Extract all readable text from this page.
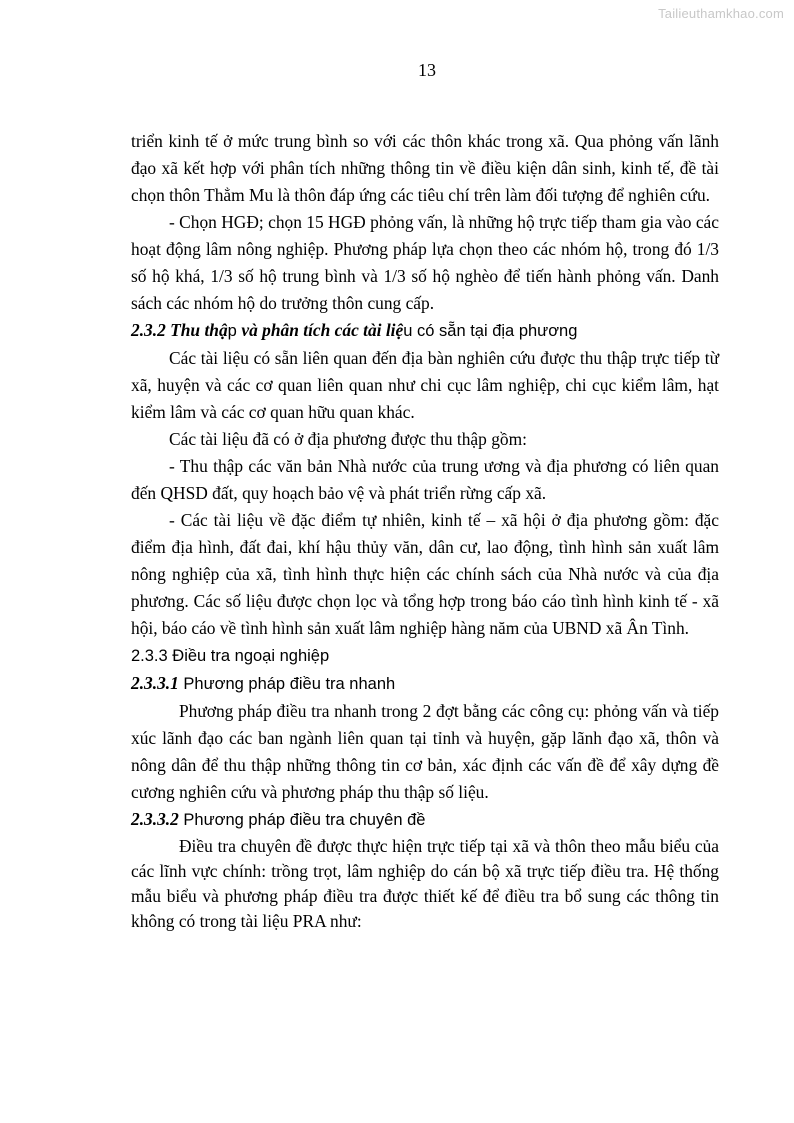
Tailieuthamkhao.com
13

triển kinh tế ở mức trung bình so với các thôn khác trong xã. Qua phỏng vấn lãnh đạo xã kết hợp với phân tích những thông tin về điều kiện dân sinh, kinh tế, đề tài chọn thôn Thẳm Mu là thôn đáp ứng các tiêu chí trên làm đối tượng để nghiên cứu.

- Chọn HGĐ; chọn 15 HGĐ phỏng vấn, là những hộ trực tiếp tham gia vào các hoạt động lâm nông nghiệp. Phương pháp lựa chọn theo các nhóm hộ, trong đó 1/3 số hộ khá, 1/3 số hộ trung bình và 1/3 số hộ nghèo để tiến hành phỏng vấn. Danh sách các nhóm hộ do trưởng thôn cung cấp.

2.3.2 Thu thập và phân tích các tài liệu có sẵn tại địa phương

Các tài liệu có sẵn liên quan đến địa bàn nghiên cứu được thu thập trực tiếp từ xã, huyện và các cơ quan liên quan như chi cục lâm nghiệp, chi cục kiểm lâm, hạt kiểm lâm và các cơ quan hữu quan khác.

Các tài liệu đã có ở địa phương được thu thập gồm:

- Thu thập các văn bản Nhà nước của trung ương và địa phương có liên quan đến QHSD đất, quy hoạch bảo vệ và phát triển rừng cấp xã.

- Các tài liệu về đặc điểm tự nhiên, kinh tế – xã hội ở địa phương gồm: đặc điểm địa hình, đất đai, khí hậu thủy văn, dân cư, lao động, tình hình sản xuất lâm nông nghiệp của xã, tình hình thực hiện các chính sách của Nhà nước và của địa phương. Các số liệu được chọn lọc và tổng hợp trong báo cáo tình hình kinh tế - xã hội, báo cáo về tình hình sản xuất lâm nghiệp hàng năm của UBND xã Ân Tình.

2.3.3 Điều tra ngoại nghiệp
2.3.3.1 Phương pháp điều tra nhanh

Phương pháp điều tra nhanh trong 2 đợt bằng các công cụ: phỏng vấn và tiếp xúc lãnh đạo các ban ngành liên quan tại tỉnh và huyện, gặp lãnh đạo xã, thôn và nông dân để thu thập những thông tin cơ bản, xác định các vấn đề để xây dựng đề cương nghiên cứu và phương pháp thu thập số liệu.

2.3.3.2 Phương pháp điều tra chuyên đề

Điều tra chuyên đề được thực hiện trực tiếp tại xã và thôn theo mẫu biểu của các lĩnh vực chính: trồng trọt, lâm nghiệp do cán bộ xã trực tiếp điều tra. Hệ thống mẫu biểu và phương pháp điều tra được thiết kế để điều tra bổ sung các thông tin không có trong tài liệu PRA như:
